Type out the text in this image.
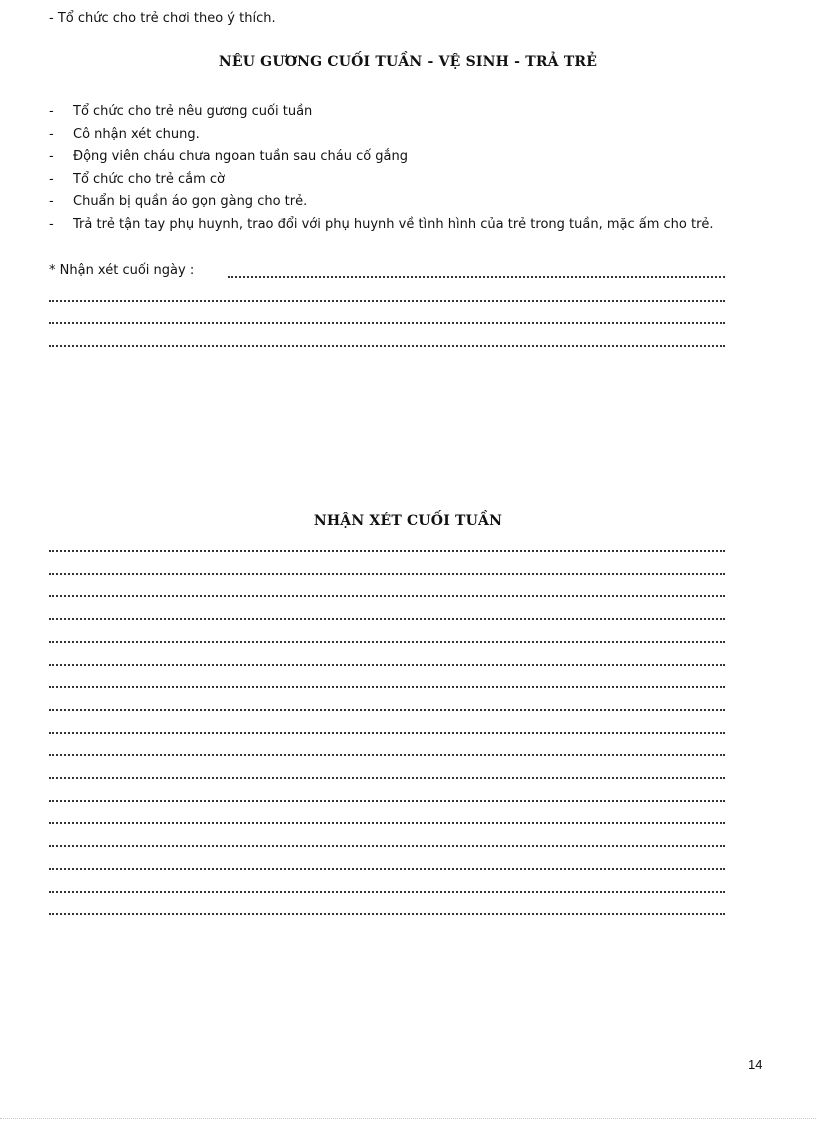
- Tổ chức cho trẻ chơi theo ý thích.
NÊU GƯƠNG CUỐI TUẦN - VỆ SINH - TRẢ TRẺ
- Tổ chức cho trẻ nêu gương cuối tuần
- Cô nhận xét chung.
- Động viên cháu chưa ngoan tuần sau cháu cố gắng
- Tổ chức cho trẻ cắm cờ
- Chuẩn bị quần áo gọn gàng cho trẻ.
- Trả trẻ tận tay phụ huynh, trao đổi với phụ huynh về tình hình của trẻ trong tuần, mặc ấm cho trẻ.
* Nhận xét cuối ngày :
NHẬN XÉT CUỐI TUẦN
14
